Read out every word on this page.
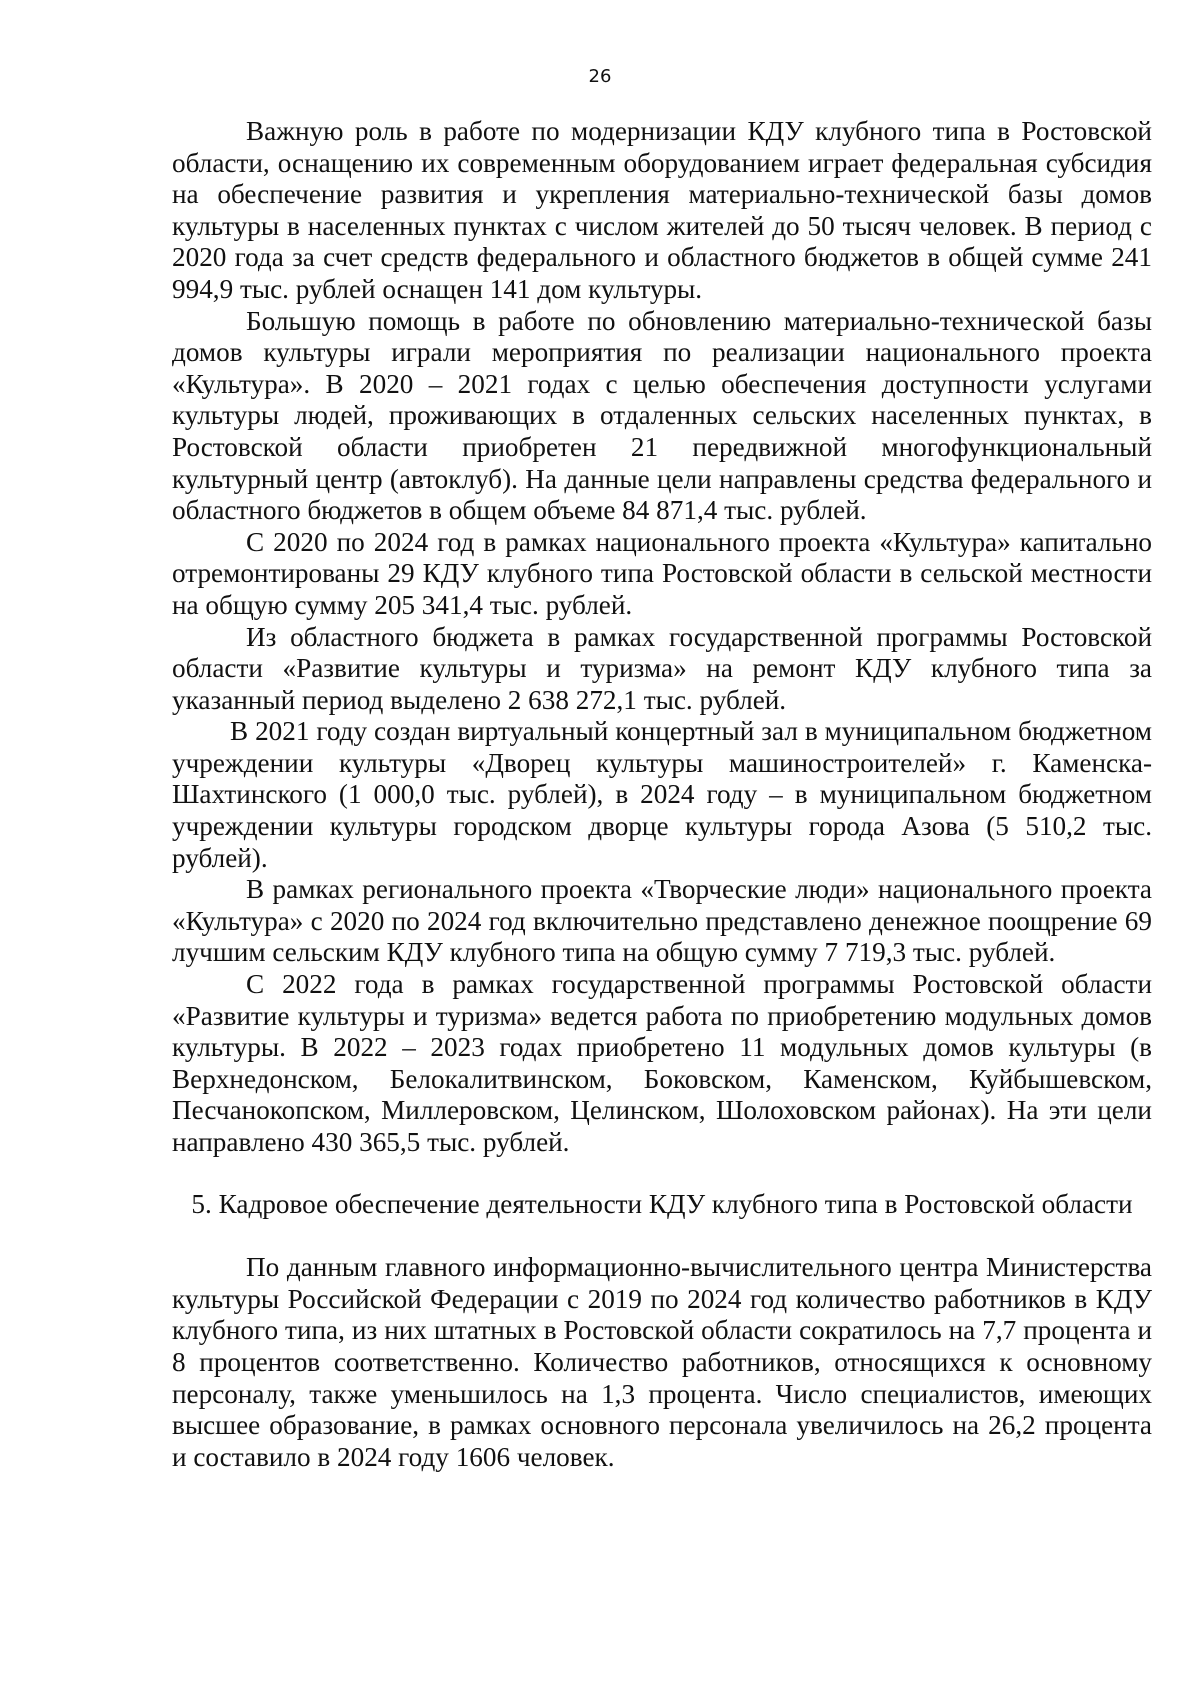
26

Важную роль в работе по модернизации КДУ клубного типа в Ростовской области, оснащению их современным оборудованием играет федеральная субсидия на обеспечение развития и укрепления материально-технической базы домов культуры в населенных пунктах с числом жителей до 50 тысяч человек. В период с 2020 года за счет средств федерального и областного бюджетов в общей сумме 241 994,9 тыс. рублей оснащен 141 дом культуры.

Большую помощь в работе по обновлению материально-технической базы домов культуры играли мероприятия по реализации национального проекта «Культура». В 2020 – 2021 годах с целью обеспечения доступности услугами культуры людей, проживающих в отдаленных сельских населенных пунктах, в Ростовской области приобретен 21 передвижной многофункциональный культурный центр (автоклуб). На данные цели направлены средства федерального и областного бюджетов в общем объеме 84 871,4 тыс. рублей.

С 2020 по 2024 год в рамках национального проекта «Культура» капитально отремонтированы 29 КДУ клубного типа Ростовской области в сельской местности на общую сумму 205 341,4 тыс. рублей.

Из областного бюджета в рамках государственной программы Ростовской области «Развитие культуры и туризма» на ремонт КДУ клубного типа за указанный период выделено 2 638 272,1 тыс. рублей.

В 2021 году создан виртуальный концертный зал в муниципальном бюджетном учреждении культуры «Дворец культуры машиностроителей» г. Каменска-Шахтинского (1 000,0 тыс. рублей), в 2024 году – в муниципальном бюджетном учреждении культуры городском дворце культуры города Азова (5 510,2 тыс. рублей).

В рамках регионального проекта «Творческие люди» национального проекта «Культура» с 2020 по 2024 год включительно представлено денежное поощрение 69 лучшим сельским КДУ клубного типа на общую сумму 7 719,3 тыс. рублей.

С 2022 года в рамках государственной программы Ростовской области «Развитие культуры и туризма» ведется работа по приобретению модульных домов культуры. В 2022 – 2023 годах приобретено 11 модульных домов культуры (в Верхнедонском, Белокалитвинском, Боковском, Каменском, Куйбышевском, Песчанокопском, Миллеровском, Целинском, Шолоховском районах). На эти цели направлено 430 365,5 тыс. рублей.

5. Кадровое обеспечение деятельности КДУ клубного типа в Ростовской области

По данным главного информационно-вычислительного центра Министерства культуры Российской Федерации с 2019 по 2024 год количество работников в КДУ клубного типа, из них штатных в Ростовской области сократилось на 7,7 процента и 8 процентов соответственно. Количество работников, относящихся к основному персоналу, также уменьшилось на 1,3 процента. Число специалистов, имеющих высшее образование, в рамках основного персонала увеличилось на 26,2 процента и составило в 2024 году 1606 человек.
